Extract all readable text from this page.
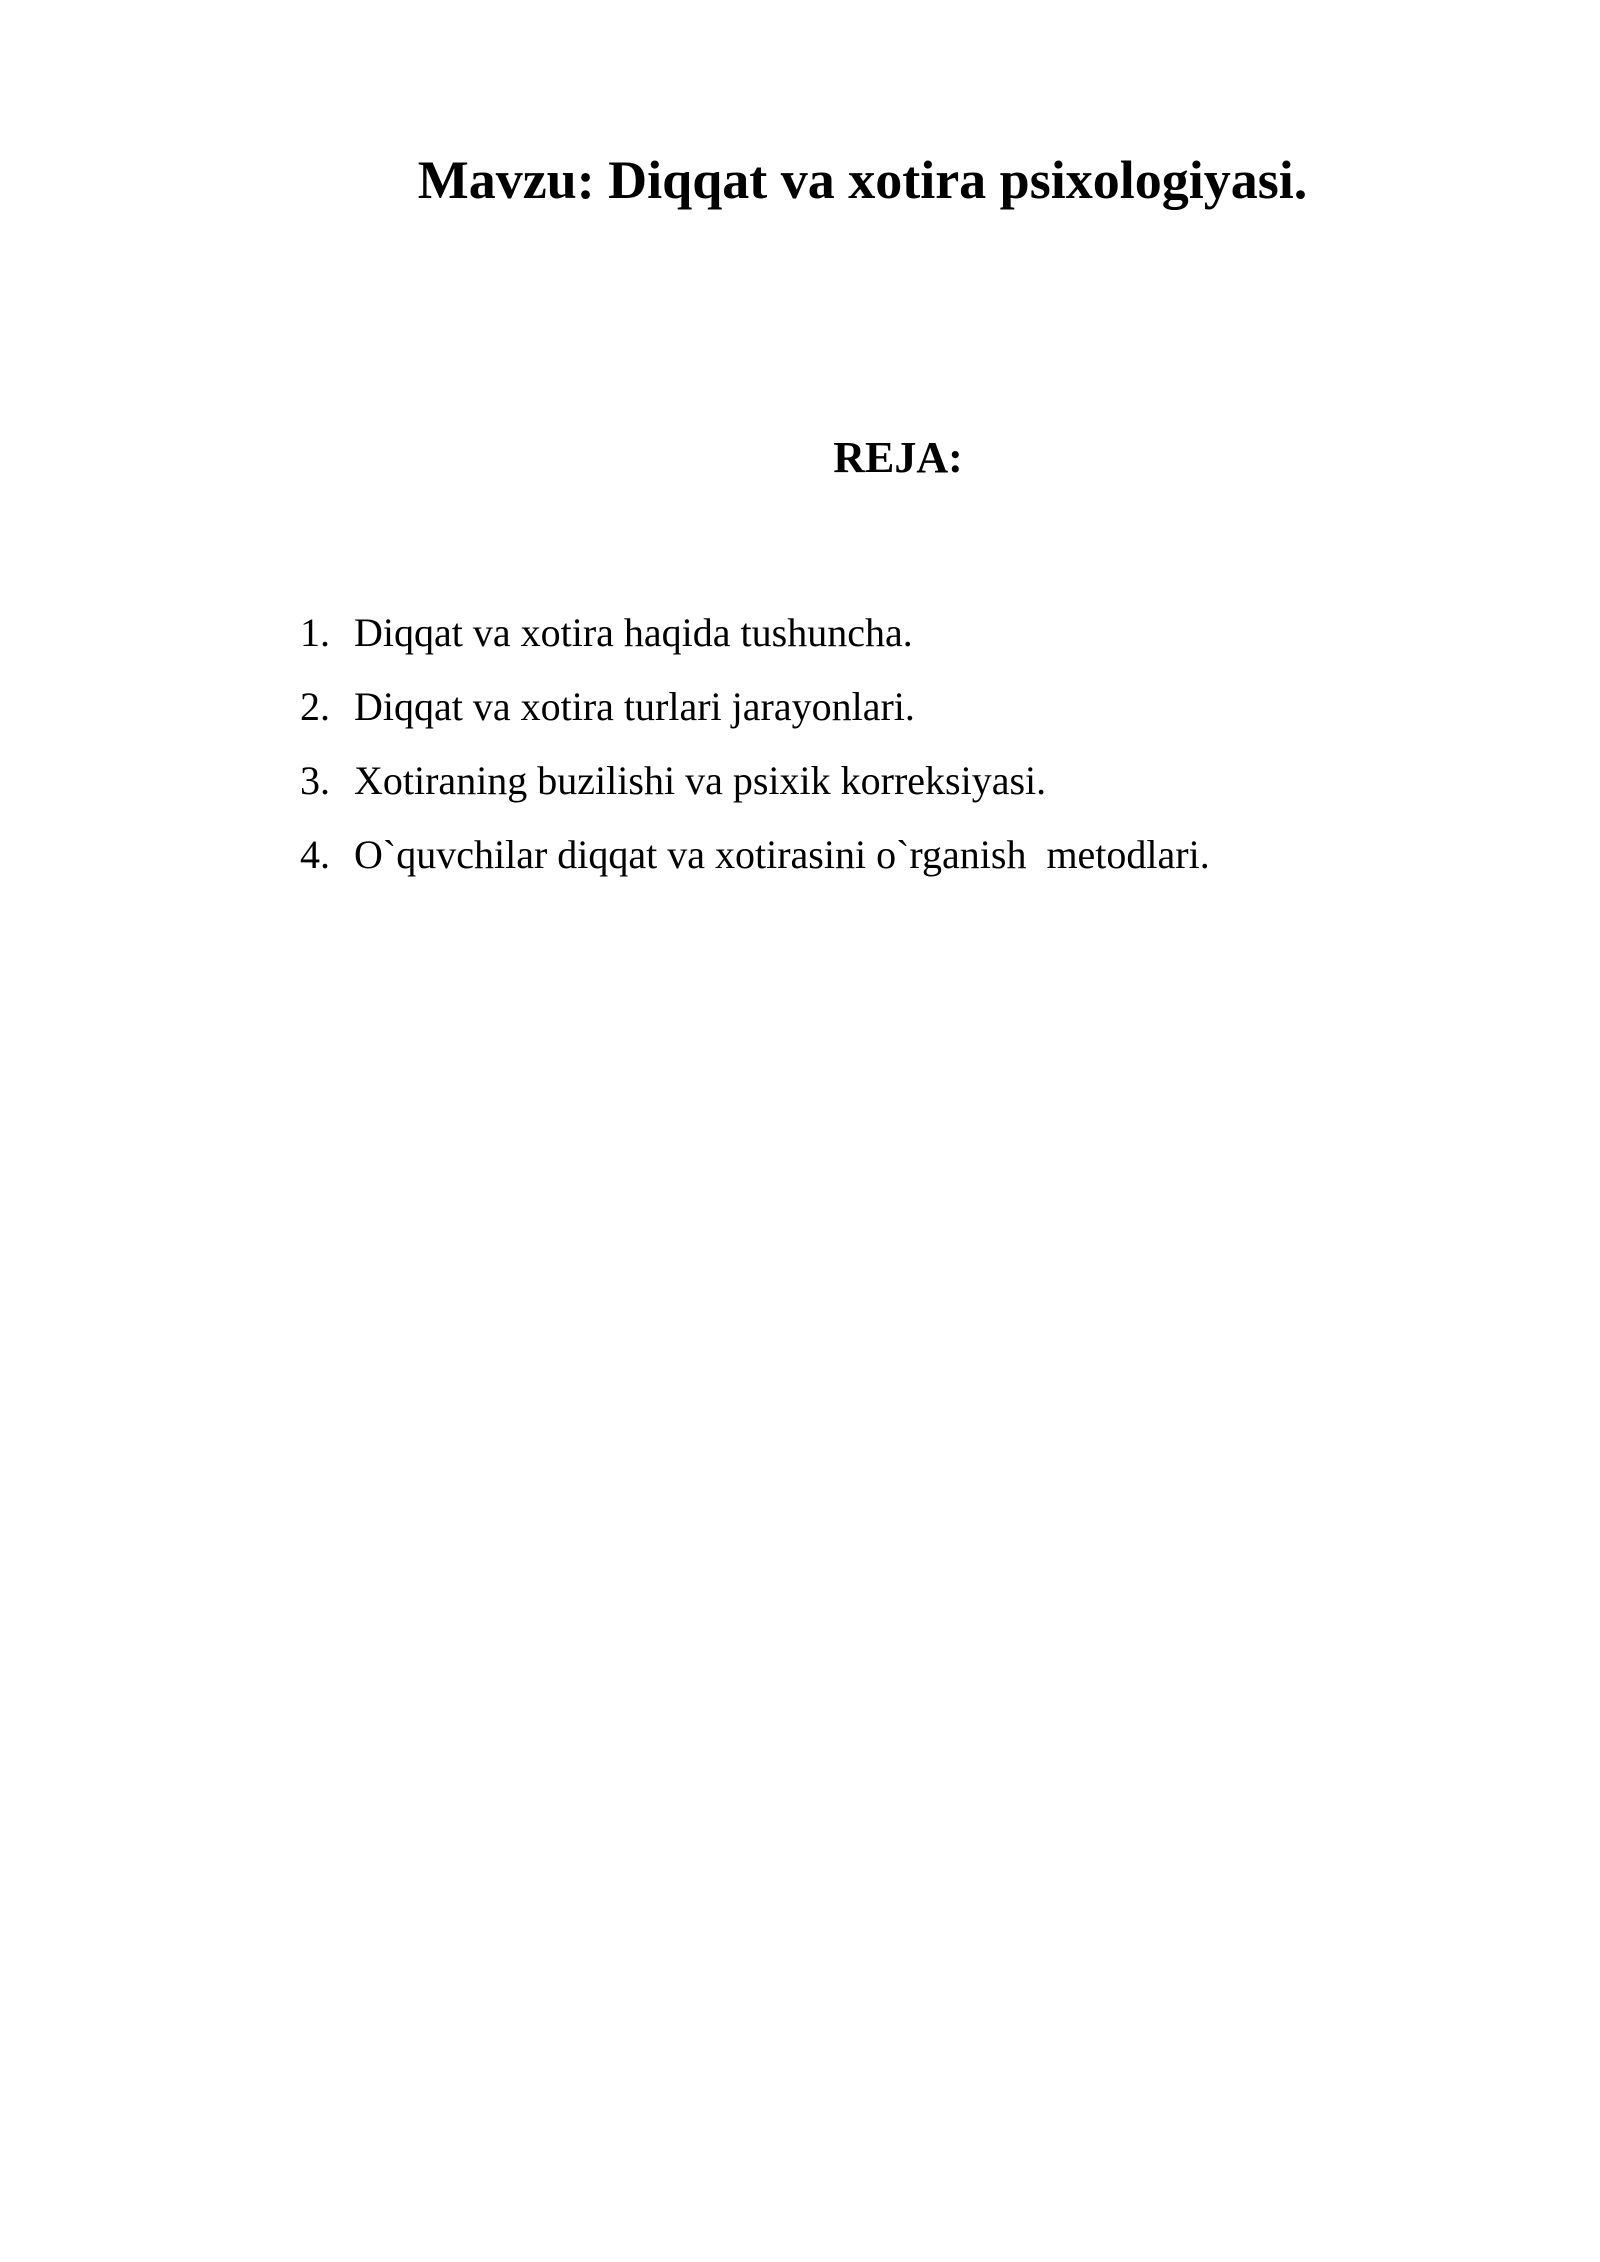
Mavzu: Diqqat va xotira psixologiyasi.
REJA:
1. Diqqat va xotira haqida tushuncha.
2. Diqqat va xotira turlari jarayonlari.
3. Xotiraning buzilishi va psixik korreksiyasi.
4. O`quvchilar diqqat va xotirasini o`rganish  metodlari.
